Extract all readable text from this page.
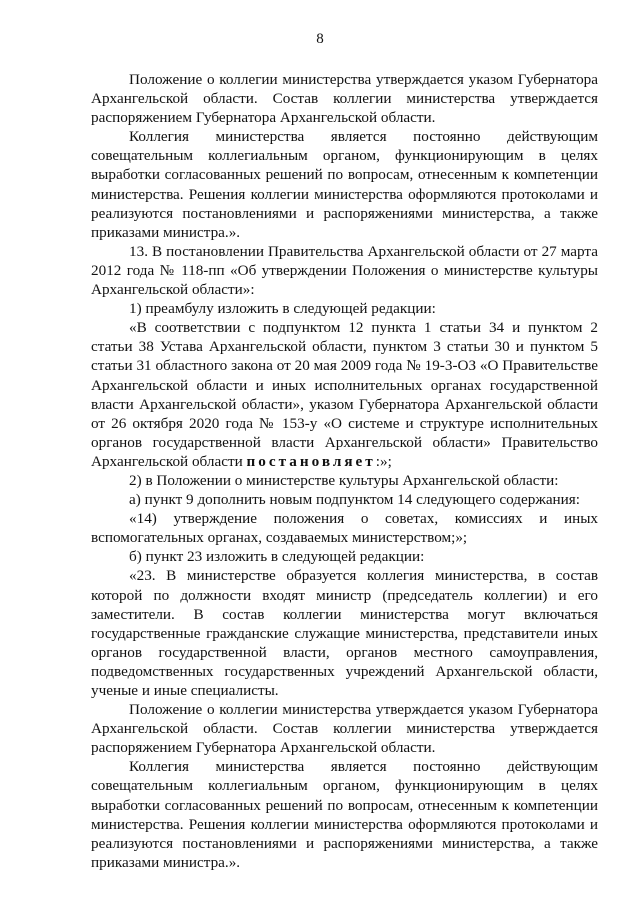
8

Положение о коллегии министерства утверждается указом Губернатора Архангельской области. Состав коллегии министерства утверждается распоряжением Губернатора Архангельской области.

Коллегия министерства является постоянно действующим совещательным коллегиальным органом, функционирующим в целях выработки согласованных решений по вопросам, отнесенным к компетенции министерства. Решения коллегии министерства оформляются протоколами и реализуются постановлениями и распоряжениями министерства, а также приказами министра.».

13. В постановлении Правительства Архангельской области от 27 марта 2012 года № 118-пп «Об утверждении Положения о министерстве культуры Архангельской области»:

1) преамбулу изложить в следующей редакции:

«В соответствии с подпунктом 12 пункта 1 статьи 34 и пунктом 2 статьи 38 Устава Архангельской области, пунктом 3 статьи 30 и пунктом 5 статьи 31 областного закона от 20 мая 2009 года № 19-3-ОЗ «О Правительстве Архангельской области и иных исполнительных органах государственной власти Архангельской области», указом Губернатора Архангельской области от 26 октября 2020 года № 153-у «О системе и структуре исполнительных органов государственной власти Архангельской области» Правительство Архангельской области постановляет:»;

2) в Положении о министерстве культуры Архангельской области:

а) пункт 9 дополнить новым подпунктом 14 следующего содержания:

«14) утверждение положения о советах, комиссиях и иных вспомогательных органах, создаваемых министерством;»;

б) пункт 23 изложить в следующей редакции:

«23. В министерстве образуется коллегия министерства, в состав которой по должности входят министр (председатель коллегии) и его заместители. В состав коллегии министерства могут включаться государственные гражданские служащие министерства, представители иных органов государственной власти, органов местного самоуправления, подведомственных государственных учреждений Архангельской области, ученые и иные специалисты.

Положение о коллегии министерства утверждается указом Губернатора Архангельской области. Состав коллегии министерства утверждается распоряжением Губернатора Архангельской области.

Коллегия министерства является постоянно действующим совещательным коллегиальным органом, функционирующим в целях выработки согласованных решений по вопросам, отнесенным к компетенции министерства. Решения коллегии министерства оформляются протоколами и реализуются постановлениями и распоряжениями министерства, а также приказами министра.».
